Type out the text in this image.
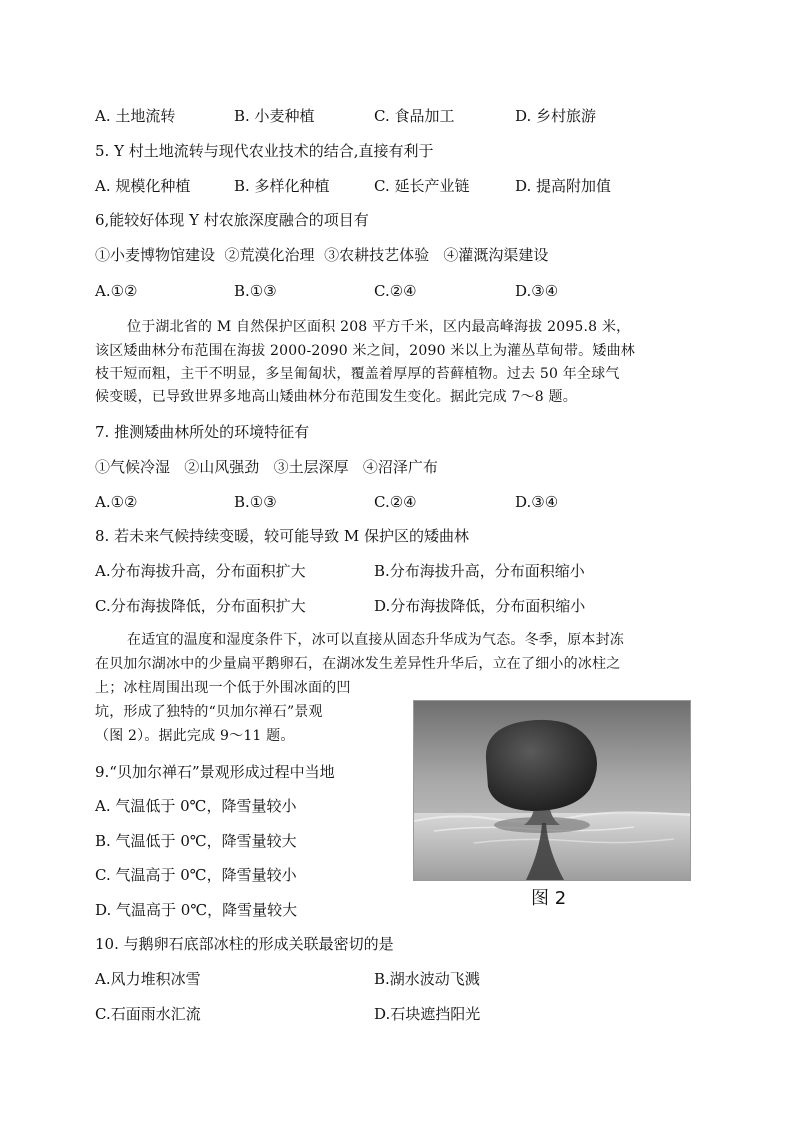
A. 土地流转	B. 小麦种植	C. 食品加工	D. 乡村旅游
5. Y 村土地流转与现代农业技术的结合,直接有利于
A. 规模化种植	B. 多样化种植	C. 延长产业链	D. 提高附加值
6,能较好体现 Y 村农旅深度融合的项目有
①小麦博物馆建设  ②荒漠化治理  ③农耕技艺体验   ④灌溉沟渠建设
A.①②	B.①③	C.②④	D.③④
位于湖北省的 M 自然保护区面积 208 平方千米，区内最高峰海拔 2095.8 米，
该区矮曲林分布范围在海拔 2000-2090 米之间，2090 米以上为灌丛草甸带。矮曲林
枝干短而粗，主干不明显，多呈匍匐状，覆盖着厚厚的苔藓植物。过去 50 年全球气
候变暖，已导致世界多地高山矮曲林分布范围发生变化。据此完成 7～8 题。
7. 推测矮曲林所处的环境特征有
①气候冷湿   ②山风强劲   ③土层深厚   ④沼泽广布
A.①②	B.①③	C.②④	D.③④
8. 若未来气候持续变暖，较可能导致 M 保护区的矮曲林
A.分布海拔升高，分布面积扩大	B.分布海拔升高，分布面积缩小
C.分布海拔降低，分布面积扩大	D.分布海拔降低，分布面积缩小
在适宜的温度和湿度条件下，冰可以直接从固态升华成为气态。冬季，原本封冻
在贝加尔湖冰中的少量扁平鹅卵石，在湖冰发生差异性升华后，立在了细小的冰柱之
上；冰柱周围出现一个低于外围冰面的凹
坑，形成了独特的“贝加尔禅石”景观
（图 2）。据此完成 9～11 题。
9.“贝加尔禅石”景观形成过程中当地
A. 气温低于 0℃，降雪量较小
B. 气温低于 0℃，降雪量较大
C. 气温高于 0℃，降雪量较小
D. 气温高于 0℃，降雪量较大
图 2
10. 与鹅卵石底部冰柱的形成关联最密切的是
A.风力堆积冰雪	B.湖水波动飞溅
C.石面雨水汇流	D.石块遮挡阳光
